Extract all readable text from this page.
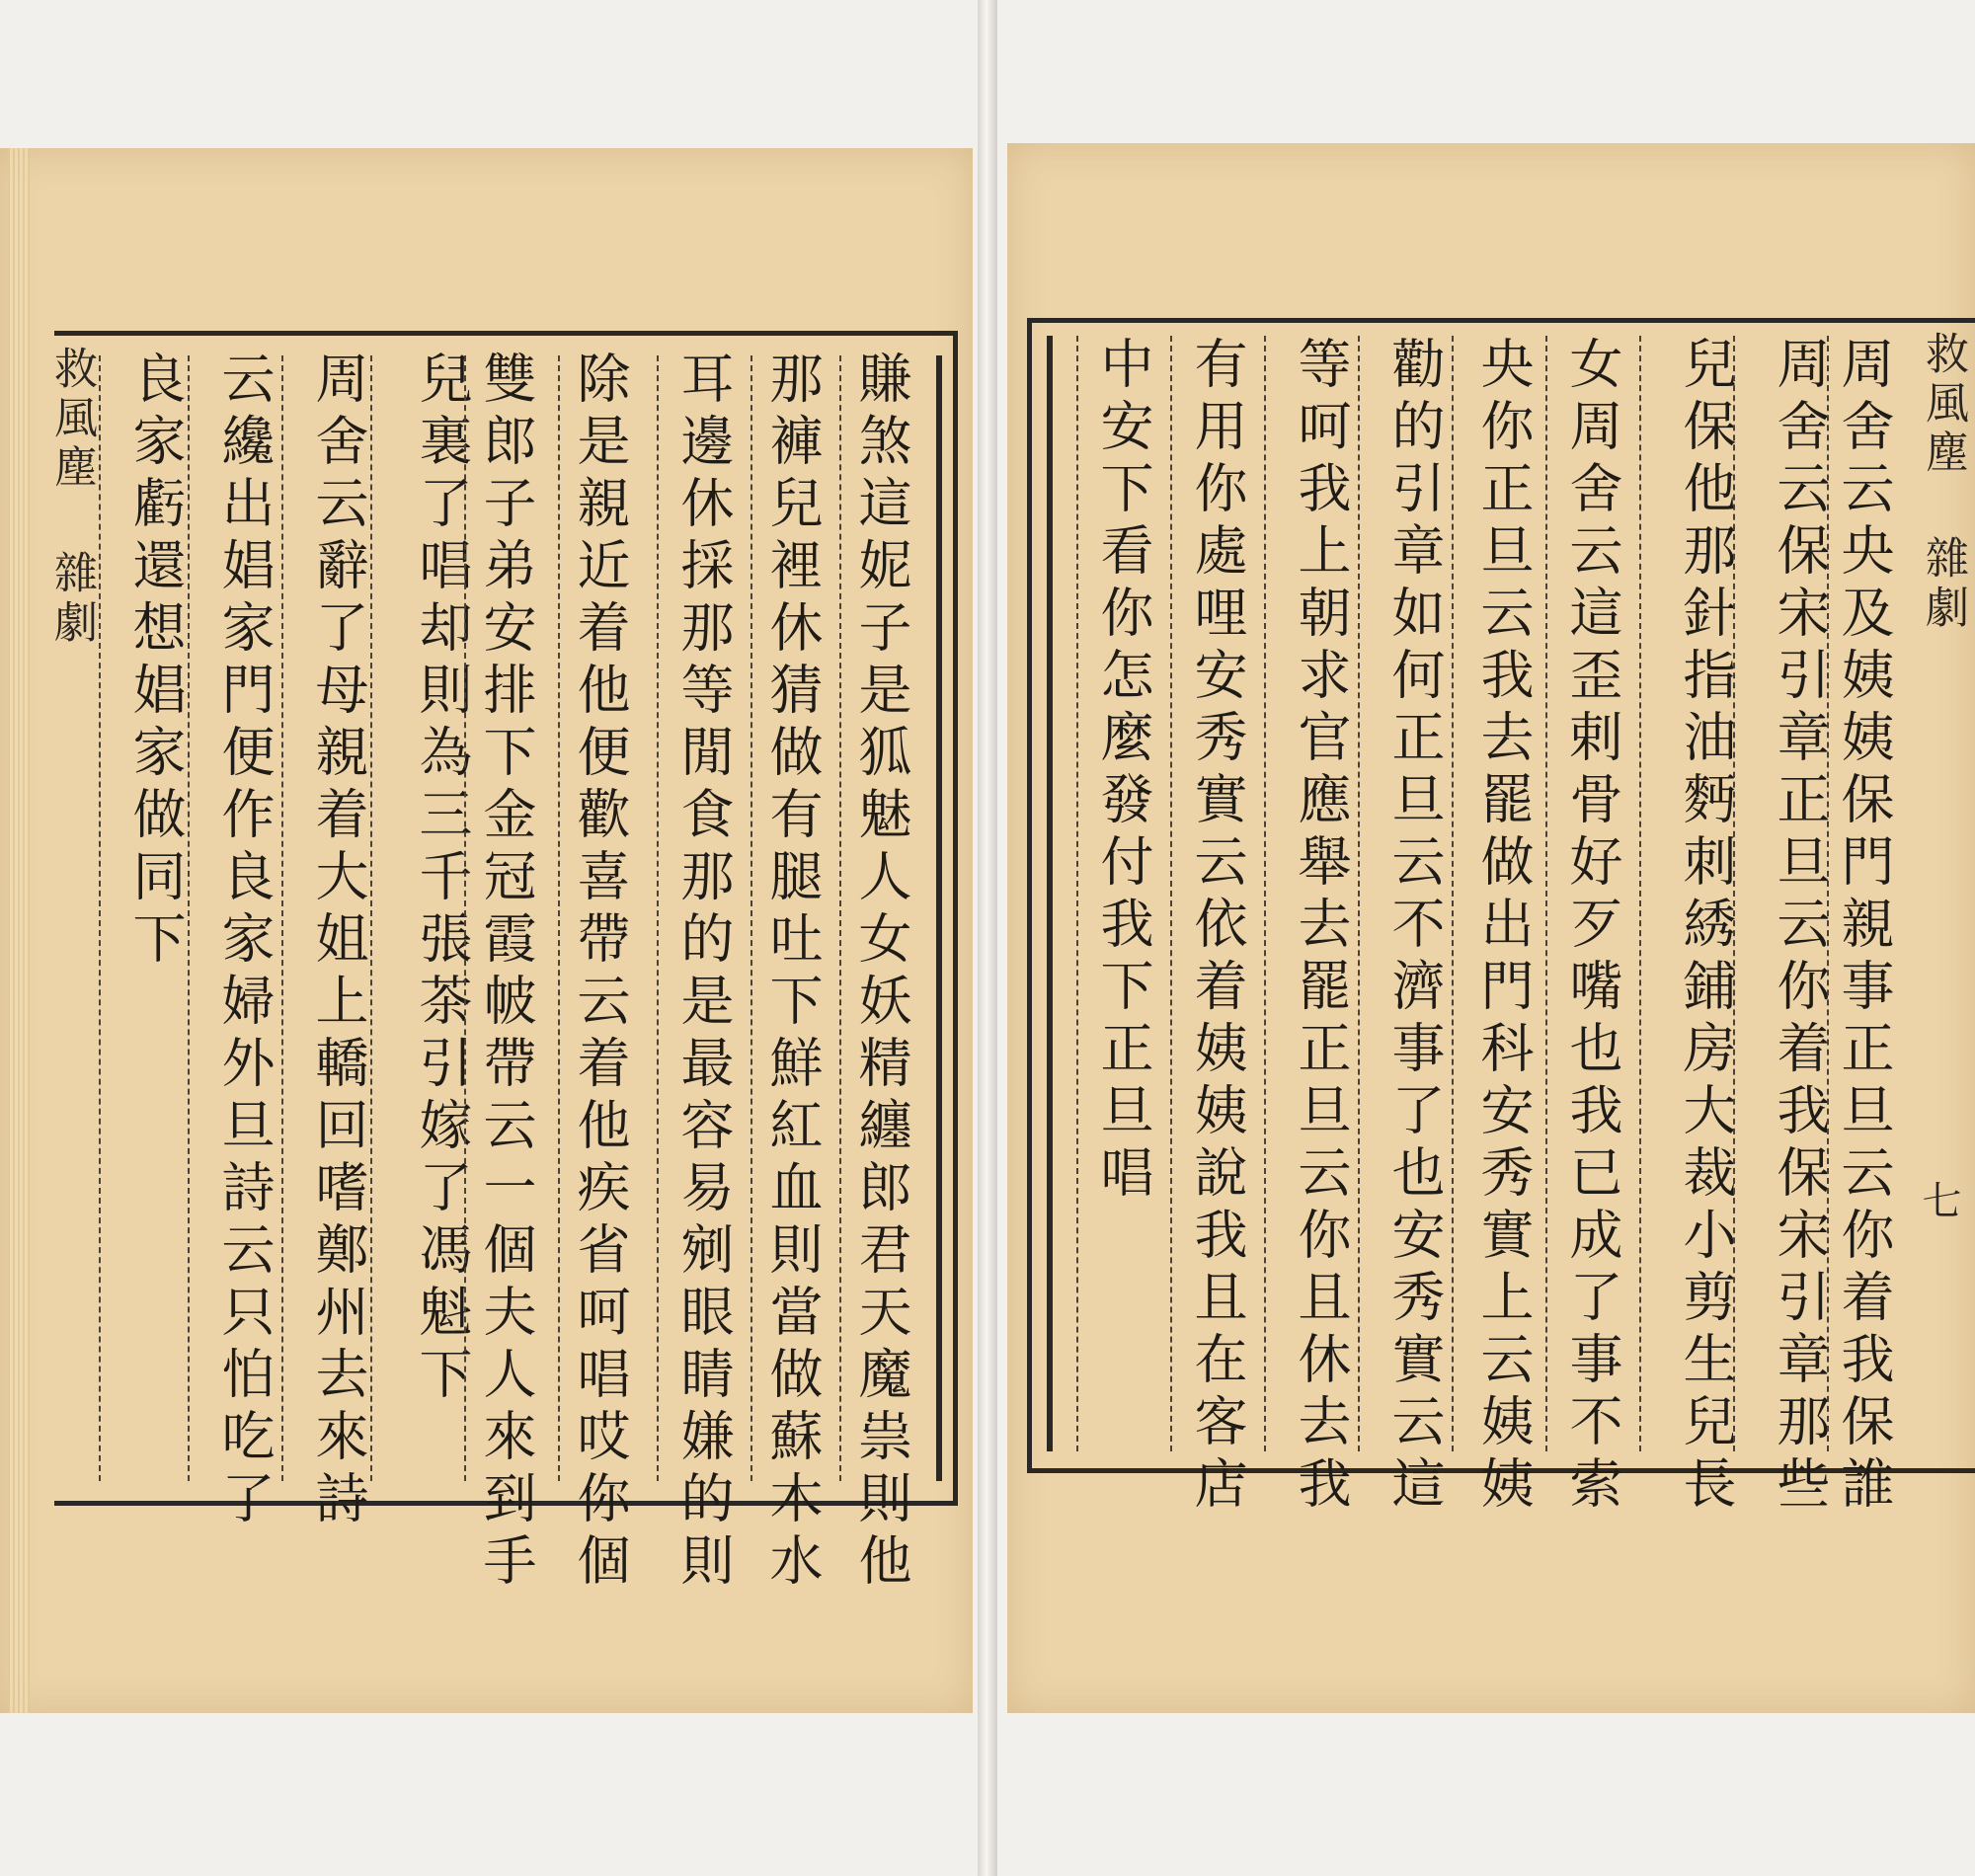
救風塵 雜劇	賺煞這妮子是狐魅人女妖精纏郎君天魔祟則他
那褲兒裡休猜做有腿吐下鮮紅血則當做蘇木水
耳邊休採那等閒食那的是最容易剜眼睛嫌的則
除是親近着他便歡喜帶云着他疾省呵唱哎你個
雙郎子弟安排下金冠霞帔帶云一個夫人來到手
兒裏了唱却則為三千張茶引嫁了馮魁下
周舍云辭了母親着大姐上轎回嗜鄭州去來詩
云纔出娼家門便作良家婦外旦詩云只怕吃了
良家虧還想娼家做同下	救風塵 雜劇
七
周舍云央及姨姨保門親事正旦云你着我保誰
周舍云保宋引章正旦云你着我保宋引章那些
兒保他那針指油麪刺綉鋪房大裁小剪生兒長
女周舍云這歪剌骨好歹嘴也我已成了事不索
央你正旦云我去罷做出門科安秀實上云姨姨
勸的引章如何正旦云不濟事了也安秀實云這
等呵我上朝求官應舉去罷正旦云你且休去我
有用你處哩安秀實云依着姨姨說我且在客店
中安下看你怎麼發付我下正旦唱
